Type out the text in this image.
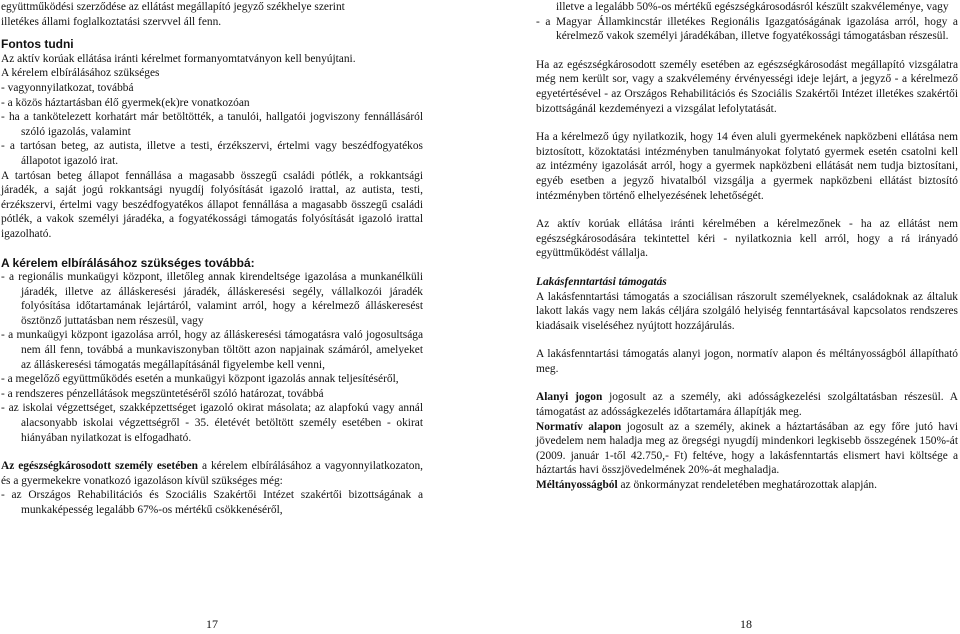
együttműködési szerződése az ellátást megállapító jegyző székhelye szerint

illetékes állami foglalkoztatási szervvel áll fenn.

Fontos tudni

Az aktív korúak ellátása iránti kérelmet formanyomtatványon kell benyújtani.

A kérelem elbírálásához szükséges

- vagyonnyilatkozat, továbbá

- a közös háztartásban élő gyermek(ek)re vonatkozóan

- ha a tankötelezett korhatárt már betöltötték, a tanulói, hallgatói jogviszony fennállásáról szóló igazolás, valamint

- a tartósan beteg, az autista, illetve a testi, érzékszervi, értelmi vagy beszédfogyatékos állapotot igazoló irat.

A tartósan beteg állapot fennállása a magasabb összegű családi pótlék, a rokkantsági járadék, a saját jogú rokkantsági nyugdíj folyósítását igazoló irattal, az autista, testi, érzékszervi, értelmi vagy beszédfogyatékos állapot fennállása a magasabb összegű családi pótlék, a vakok személyi járadéka, a fogyatékossági támogatás folyósítását igazoló irattal igazolható.

A kérelem elbírálásához szükséges továbbá:

- a regionális munkaügyi központ, illetőleg annak kirendeltsége igazolása a munkanélküli járadék, illetve az álláskeresési járadék, álláskeresési segély, vállalkozói járadék folyósítása időtartamának lejártáról, valamint arról, hogy a kérelmező álláskeresést ösztönző juttatásban nem részesül, vagy

- a munkaügyi központ igazolása arról, hogy az álláskeresési támogatásra való jogosultsága nem áll fenn, továbbá a munkaviszonyban töltött azon napjainak számáról, amelyeket az álláskeresési támogatás megállapításánál figyelembe kell venni,

- a megelőző együttműködés esetén a munkaügyi központ igazolás annak teljesítéséről,

- a rendszeres pénzellátások megszüntetéséről szóló határozat, továbbá

- az iskolai végzettséget, szakképzettséget igazoló okirat másolata; az alapfokú vagy annál alacsonyabb iskolai végzettségről - 35. életévét betöltött személy esetében - okirat hiányában nyilatkozat is elfogadható.

Az egészségkárosodott személy esetében a kérelem elbírálásához a vagyonnyilatkozaton, és a gyermekekre vonatkozó igazoláson kívül szükséges még:

- az Országos Rehabilitációs és Szociális Szakértői Intézet szakértői bizottságának a munkaképesség legalább 67%-os mértékű csökkenéséről,

17

illetve a legalább 50%-os mértékű egészségkárosodásról készült szakvéleménye, vagy

- a Magyar Államkincstár illetékes Regionális Igazgatóságának igazolása arról, hogy a kérelmező vakok személyi járadékában, illetve fogyatékossági támogatásban részesül.

Ha az egészségkárosodott személy esetében az egészségkárosodást megállapító vizsgálatra még nem került sor, vagy a szakvélemény érvényességi ideje lejárt, a jegyző - a kérelmező egyetértésével - az Országos Rehabilitációs és Szociális Szakértői Intézet illetékes szakértői bizottságánál kezdeményezi a vizsgálat lefolytatását.

Ha a kérelmező úgy nyilatkozik, hogy 14 éven aluli gyermekének napközbeni ellátása nem biztosított, közoktatási intézményben tanulmányokat folytató gyermek esetén csatolni kell az intézmény igazolását arról, hogy a gyermek napközbeni ellátását nem tudja biztosítani, egyéb esetben a jegyző hivatalból vizsgálja a gyermek napközbeni ellátást biztosító intézményben történő elhelyezésének lehetőségét.

Az aktív korúak ellátása iránti kérelmében a kérelmezőnek - ha az ellátást nem egészségkárosodására tekintettel kéri - nyilatkoznia kell arról, hogy a rá irányadó együttműködést vállalja.

Lakásfenntartási támogatás

A lakásfenntartási támogatás a szociálisan rászorult személyeknek, családoknak az általuk lakott lakás vagy nem lakás céljára szolgáló helyiség fenntartásával kapcsolatos rendszeres kiadásaik viseléséhez nyújtott hozzájárulás.

A lakásfenntartási támogatás alanyi jogon, normatív alapon és méltányosságból állapítható meg.

Alanyi jogon jogosult az a személy, aki adósságkezelési szolgáltatásban részesül. A támogatást az adósságkezelés időtartamára állapítják meg.

Normatív alapon jogosult az a személy, akinek a háztartásában az egy főre jutó havi jövedelem nem haladja meg az öregségi nyugdíj mindenkori legkisebb összegének 150%-át (2009. január 1-től 42.750,- Ft) feltéve, hogy a lakásfenntartás elismert havi költsége a háztartás havi összjövedelmének 20%-át meghaladja.

Méltányosságból az önkormányzat rendeletében meghatározottak alapján.

18
